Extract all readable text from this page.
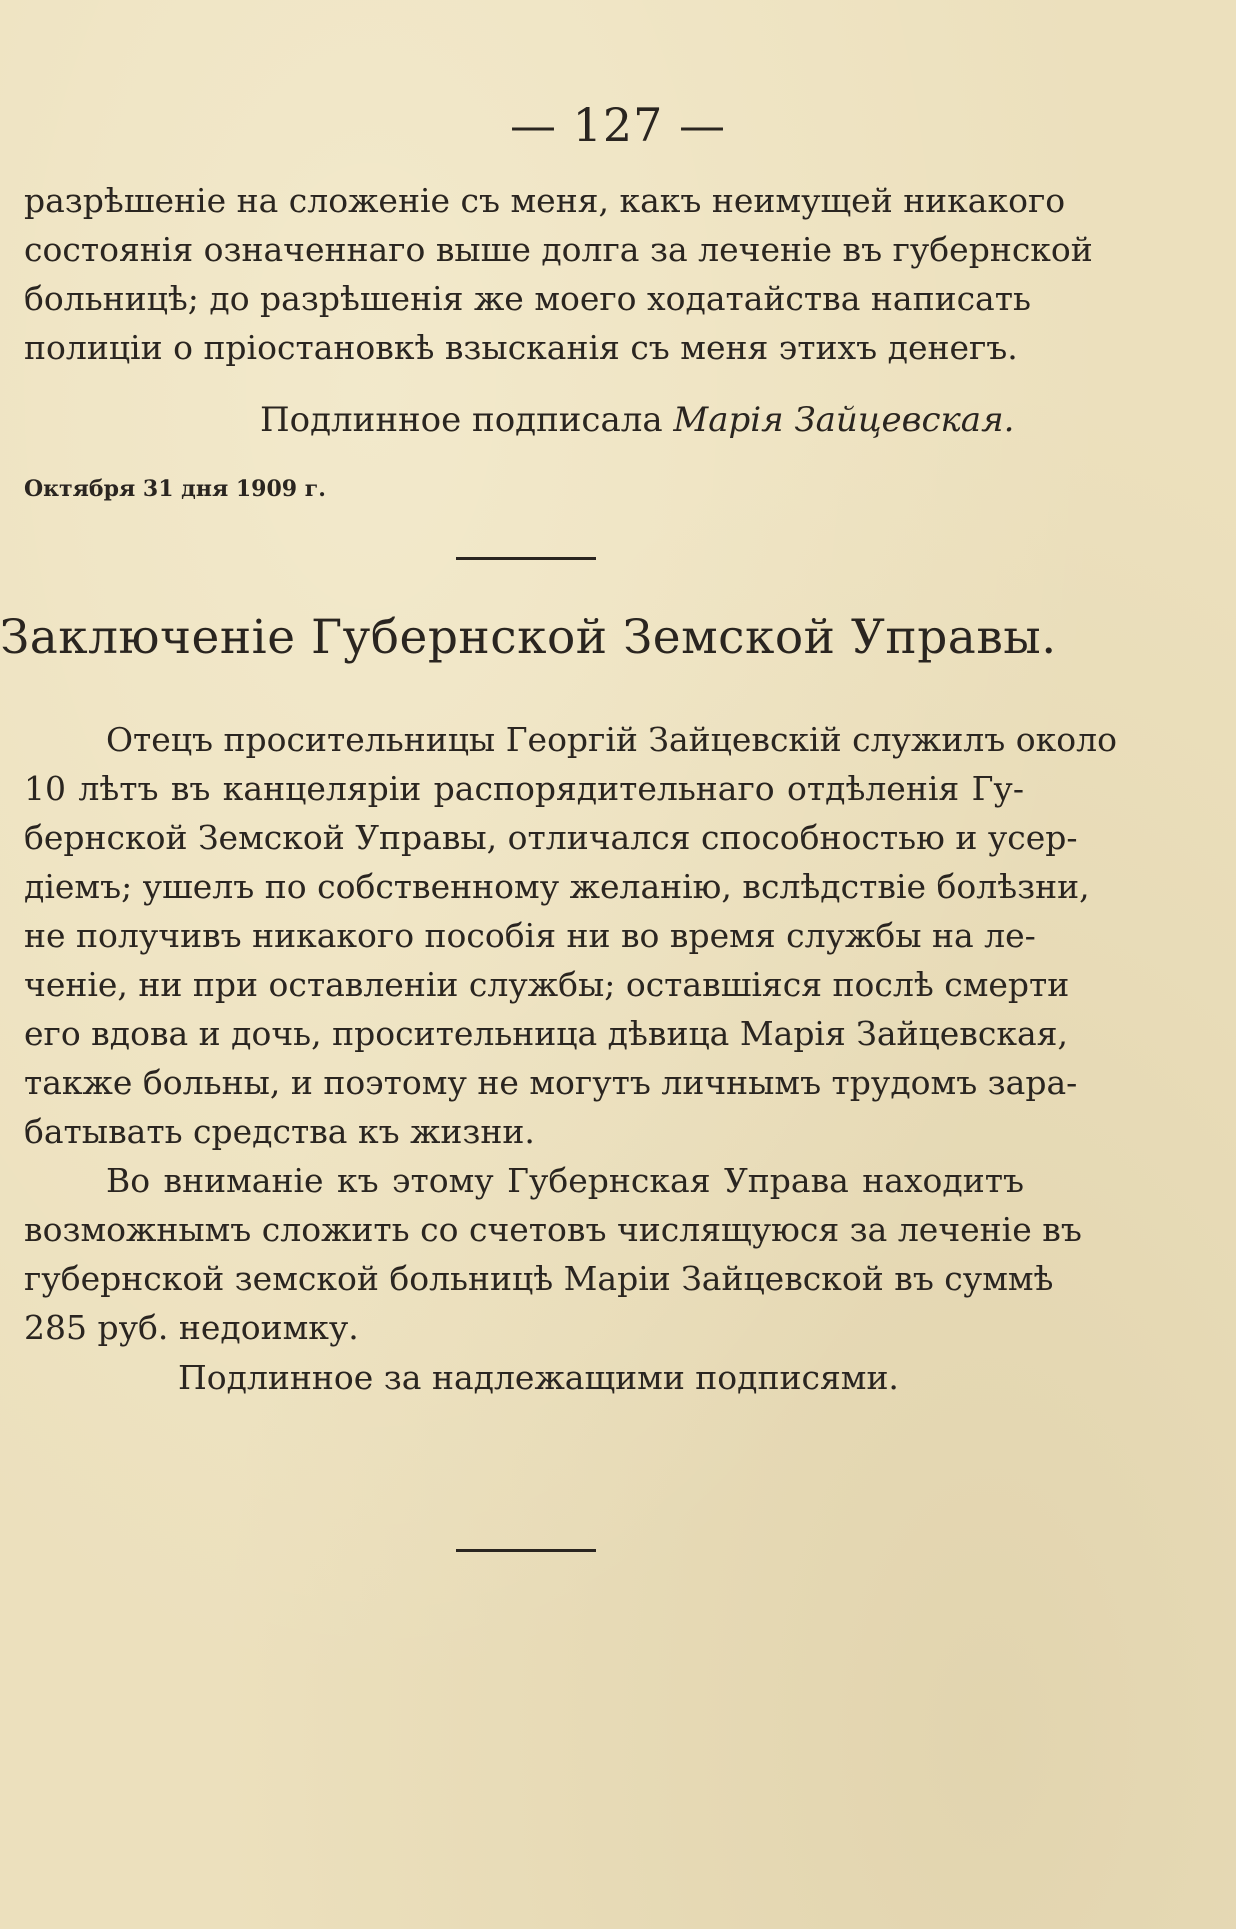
— 127 —
разрѣшеніе на сложеніе съ меня, какъ неимущей никакого
состоянія означеннаго выше долга за леченіе въ губернской
больницѣ; до разрѣшенія же моего ходатайства написать
полиціи о пріостановкѣ взысканія съ меня этихъ денегъ.
Подлинное подписала Марія Зайцевская.
Октября 31 дня 1909 г.
Заключеніе Губернской Земской Управы.
Отецъ просительницы Георгій Зайцевскій служилъ около
10 лѣтъ въ канцеляріи распорядительнаго отдѣленія Гу-
бернской Земской Управы, отличался способностью и усер-
діемъ; ушелъ по собственному желанію, вслѣдствіе болѣзни,
не получивъ никакого пособія ни во время службы на ле-
ченіе, ни при оставленіи службы; оставшіяся послѣ смерти
его вдова и дочь, просительница дѣвица Марія Зайцевская,
также больны, и поэтому не могутъ личнымъ трудомъ зара-
батывать средства къ жизни.
Во вниманіе къ этому Губернская Управа находитъ
возможнымъ сложить со счетовъ числящуюся за леченіе въ
губернской земской больницѣ Маріи Зайцевской въ суммѣ
285 руб. недоимку.
Подлинное за надлежащими подписями.
